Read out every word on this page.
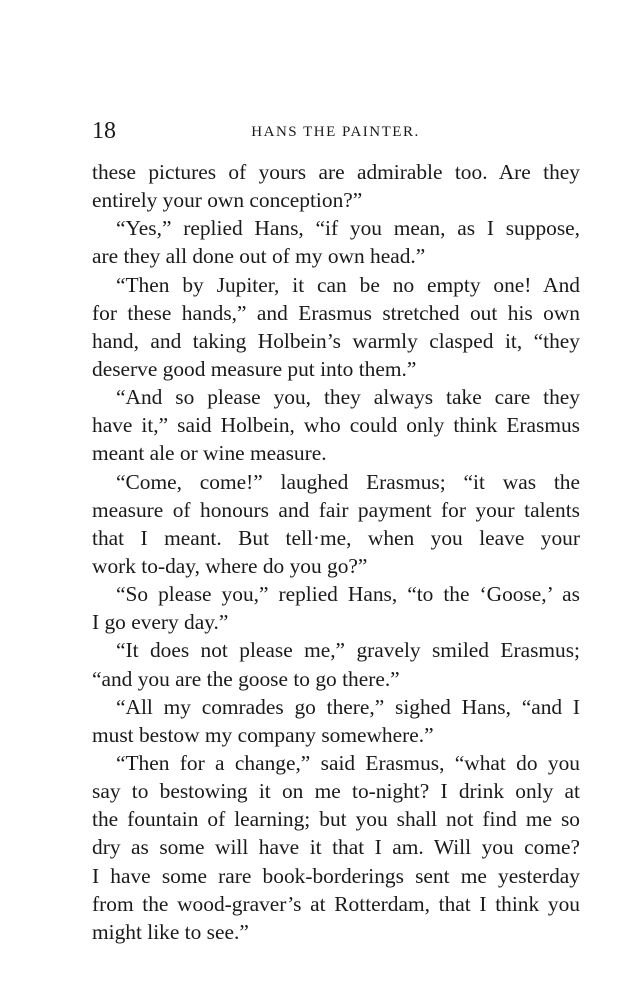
18	HANS THE PAINTER.
these pictures of yours are admirable too. Are they
entirely your own conception?”
“Yes,” replied Hans, “if you mean, as I suppose,
are they all done out of my own head.”
“Then by Jupiter, it can be no empty one! And
for these hands,” and Erasmus stretched out his own
hand, and taking Holbein’s warmly clasped it, “they
deserve good measure put into them.”
“And so please you, they always take care they
have it,” said Holbein, who could only think Erasmus
meant ale or wine measure.
“Come, come!” laughed Erasmus; “it was the
measure of honours and fair payment for your talents
that I meant. But tell·me, when you leave your
work to-day, where do you go?”
“So please you,” replied Hans, “to the ‘Goose,’ as
I go every day.”
“It does not please me,” gravely smiled Erasmus;
“and you are the goose to go there.”
“All my comrades go there,” sighed Hans, “and I
must bestow my company somewhere.”
“Then for a change,” said Erasmus, “what do you
say to bestowing it on me to-night? I drink only at
the fountain of learning; but you shall not find me so
dry as some will have it that I am. Will you come?
I have some rare book-borderings sent me yesterday
from the wood-graver’s at Rotterdam, that I think you
might like to see.”
